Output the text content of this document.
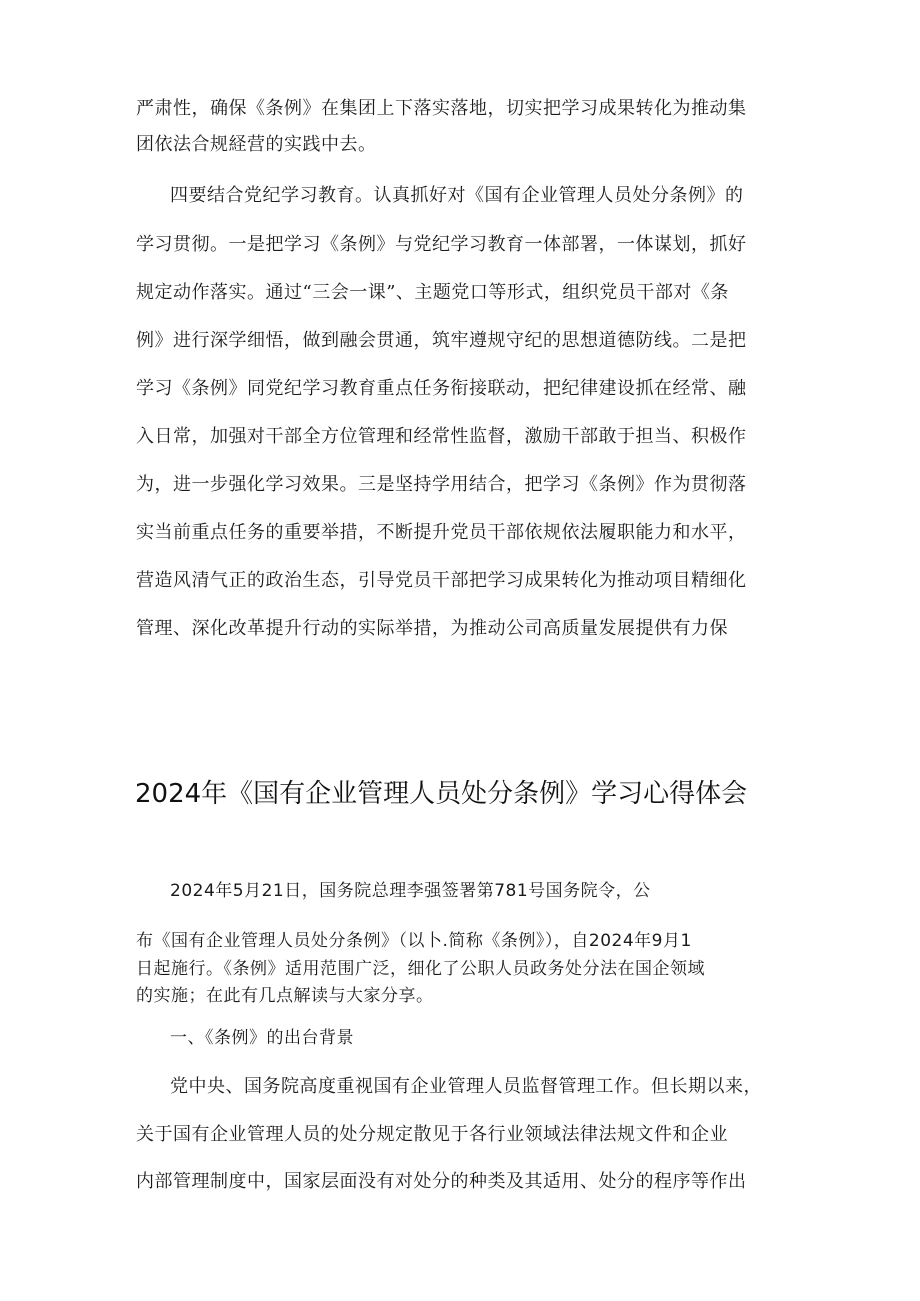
严肃性，确保《条例》在集团上下落实落地，切实把学习成果转化为推动集
团依法合规経营的实践中去。
四要结合党纪学习教育。认真抓好对《国有企业管理人员处分条例》的
学习贯彻。一是把学习《条例》与党纪学习教育一体部署，一体谋划，抓好
规定动作落实。通过“三会一课”、主题党口等形式，组织党员干部对《条
例》进行深学细悟，做到融会贯通，筑牢遵规守纪的思想道德防线。二是把
学习《条例》同党纪学习教育重点任务衔接联动，把纪律建设抓在经常、融
入日常，加强对干部全方位管理和经常性监督，激励干部敢于担当、积极作
为，进一步强化学习效果。三是坚持学用结合，把学习《条例》作为贯彻落
实当前重点任务的重要举措，不断提升党员干部依规依法履职能力和水平，
营造风清气正的政治生态，引导党员干部把学习成果转化为推动项目精细化
管理、深化改革提升行动的实际举措，为推动公司高质量发展提供有力保
2024年《国有企业管理人员处分条例》学习心得体会
2024年5月21日，国务院总理李强签署第781号国务院令，公
布《国有企业管理人员处分条例》（以卜.简称《条例》），自2024年9月1
日起施行。《条例》适用范围广泛，细化了公职人员政务处分法在国企领域
的实施；在此有几点解读与大家分享。
一、《条例》的出台背景
党中央、国务院高度重视国有企业管理人员监督管理工作。但长期以来，
关于国有企业管理人员的处分规定散见于各行业领域法律法规文件和企业
内部管理制度中，国家层面没有对处分的种类及其适用、处分的程序等作出
